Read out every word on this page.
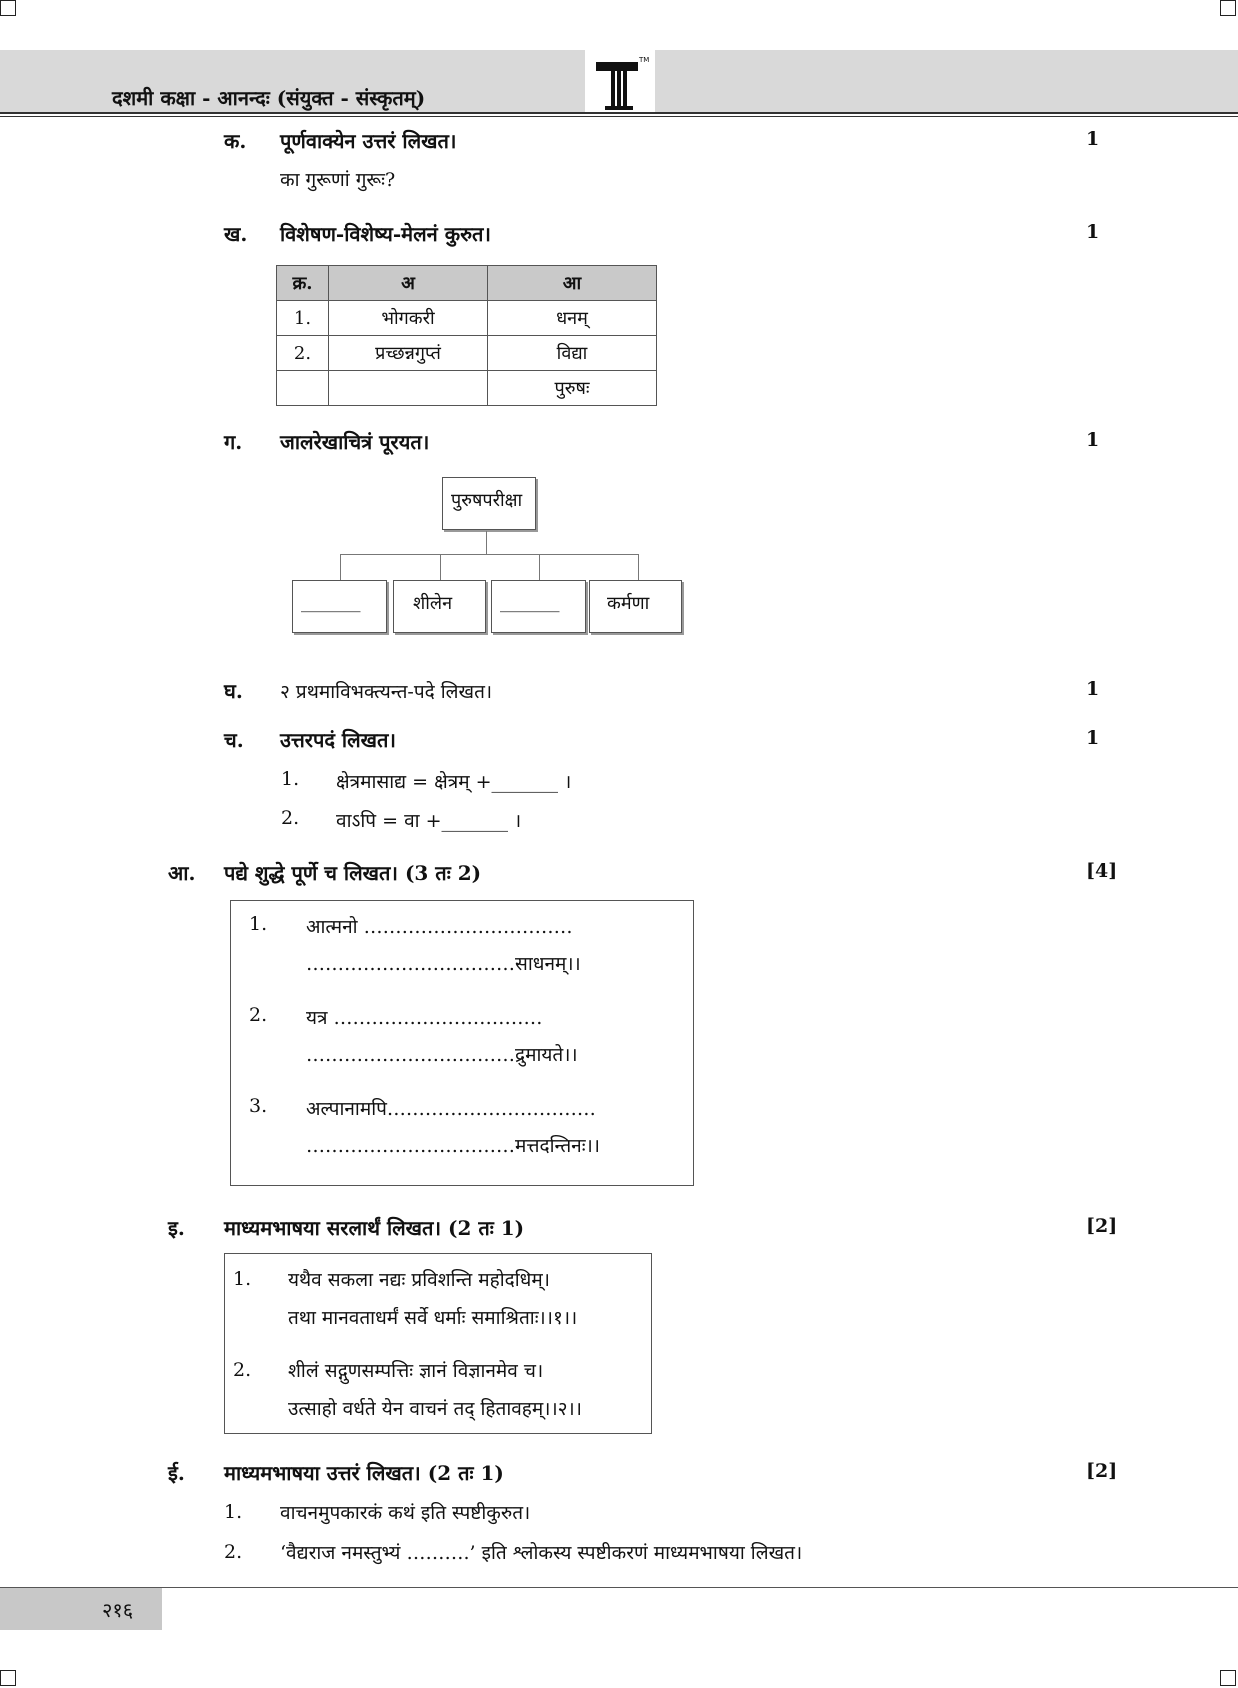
TM
दशमी कक्षा - आनन्दः (संयुक्त - संस्कृतम्)
क. पूर्णवाक्येन उत्तरं लिखत।	1
का गुरूणां गुरूः?
ख. विशेषण-विशेष्य-मेलनं कुरुत।	1
क्र.	अ	आ
1.	भोगकरी	धनम्
2.	प्रच्छन्नगुप्तं	विद्या
		पुरुषः
ग. जालरेखाचित्रं पूरयत।	1
पुरुषपरीक्षा
_______	शीलेन	_______	कर्मणा
घ. २ प्रथमाविभक्त्यन्त-पदे लिखत।	1
च. उत्तरपदं लिखत।	1
1. क्षेत्रमासाद्य = क्षेत्रम् +_______ ।
2. वाऽपि = वा +_______ ।
आ. पद्ये शुद्धे पूर्णे च लिखत। (3 तः 2)	[4]
1. आत्मनो ……………………………
……………………………साधनम्।।
2. यत्र ……………………………
……………………………द्रुमायते।।
3. अल्पानामपि……………………………
……………………………मत्तदन्तिनः।।
इ. माध्यमभाषया सरलार्थं लिखत। (2 तः 1)	[2]
1. यथैव सकला नद्यः प्रविशन्ति महोदधिम्।
तथा मानवताधर्मं सर्वे धर्माः समाश्रिताः।।१।।
2. शीलं सद्गुणसम्पत्तिः ज्ञानं विज्ञानमेव च।
उत्साहो वर्धते येन वाचनं तद् हितावहम्।।२।।
ई. माध्यमभाषया उत्तरं लिखत। (2 तः 1)	[2]
1. वाचनमुपकारकं कथं इति स्पष्टीकुरुत।
2. ‘वैद्यराज नमस्तुभ्यं ……….’ इति श्लोकस्य स्पष्टीकरणं माध्यमभाषया लिखत।
२१६
